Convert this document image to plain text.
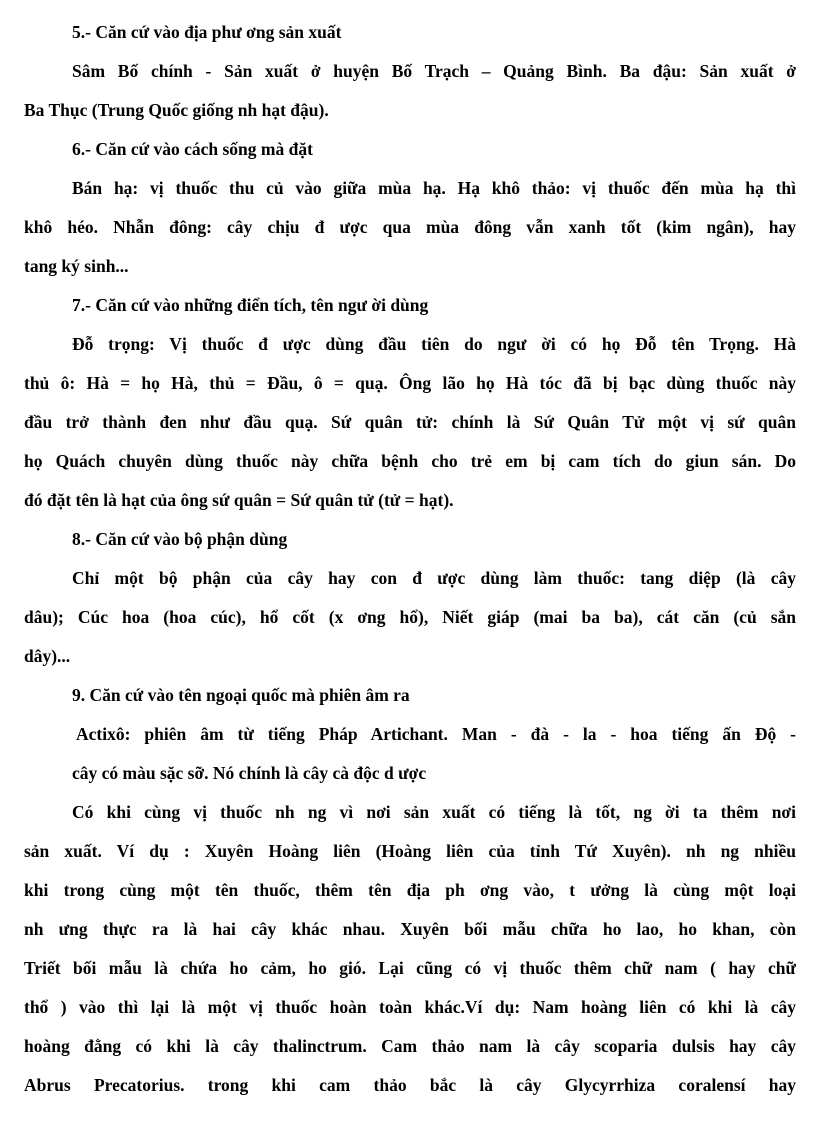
5.- Căn cứ vào địa phư ơng sản xuất
Sâm Bố chính - Sản xuất ở huyện Bố Trạch – Quảng Bình. Ba đậu: Sản xuất ở
Ba Thục (Trung Quốc giống nh hạt đậu).
6.- Căn cứ vào cách sống mà đặt
Bán hạ: vị thuốc thu củ vào giữa mùa hạ. Hạ khô thảo: vị thuốc đến mùa hạ thì
khô héo. Nhẫn đông: cây chịu đ ược qua mùa đông vẫn xanh tốt (kim ngân), hay
tang ký sinh...
7.- Căn cứ vào những điển tích, tên ngư ời dùng
Đỗ trọng: Vị thuốc đ ược dùng đầu tiên do ngư ời có họ Đỗ tên Trọng. Hà
thủ ô: Hà = họ Hà, thủ = Đầu, ô = quạ. Ông lão họ Hà tóc đã bị bạc dùng thuốc này
đầu trở thành đen như đầu quạ. Sứ quân tử: chính là Sứ Quân Tử một vị sứ quân
họ Quách chuyên dùng thuốc này chữa bệnh cho trẻ em bị cam tích do giun sán. Do
đó đặt tên là hạt của ông sứ quân = Sứ quân tử (tử = hạt).
8.- Căn cứ vào bộ phận dùng
Chỉ một bộ phận của cây hay con đ ược dùng làm thuốc: tang diệp (là cây
dâu); Cúc hoa (hoa cúc), hổ cốt (x ơng hổ), Niết giáp (mai ba ba), cát căn (củ sắn
dây)...
9. Căn cứ vào tên ngoại quốc mà phiên âm ra
Actixô: phiên âm từ tiếng Pháp Artichant. Man - đà - la - hoa tiếng ấn Độ -
cây có màu sặc sỡ. Nó chính là cây cà độc d ược
Có khi cùng vị thuốc nh ng vì nơi sản xuất có tiếng là tốt, ng ời ta thêm nơi
sản xuất. Ví dụ : Xuyên Hoàng liên (Hoàng liên của tỉnh Tứ Xuyên). nh ng nhiều
khi trong cùng một tên thuốc, thêm tên địa ph ơng vào, t ưởng là cùng một loại
nh ưng thực ra là hai cây khác nhau. Xuyên bối mẫu chữa ho lao, ho khan, còn
Triết bối mẫu là chứa ho cảm, ho gió. Lại cũng có vị thuốc thêm chữ nam ( hay chữ
thổ ) vào thì lại là một vị thuốc hoàn toàn khác.Ví dụ: Nam hoàng liên có khi là cây
hoàng đằng có khi là cây thalinctrum. Cam thảo nam là cây scoparia dulsis hay cây
Abrus Precatorius. trong khi cam thảo bắc là cây Glycyrrhiza coralensí hay
